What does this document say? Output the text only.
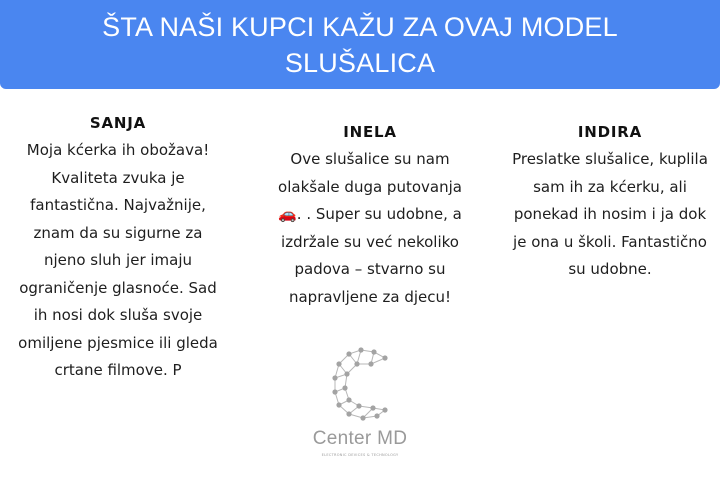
ŠTA NAŠI KUPCI KAŽU ZA OVAJ MODEL SLUŠALICA
SANJA
Moja kćerka ih obožava! Kvaliteta zvuka je fantastična. Najvažnije, znam da su sigurne za njeno sluh jer imaju ograničenje glasnoće. Sad ih nosi dok sluša svoje omiljene pjesmice ili gleda crtane filmove. P
INELA
Ove slušalice su nam olakšale duga putovanja 🚗. . Super su udobne, a izdržale su već nekoliko padova – stvarno su napravljene za djecu!
INDIRA
Preslatke slušalice, kuplila sam ih za kćerku, ali ponekad ih nosim i ja dok je ona u školi. Fantastično su udobne.
Center MD
ELECTRONIC DEVICES & TECHNOLOGY
